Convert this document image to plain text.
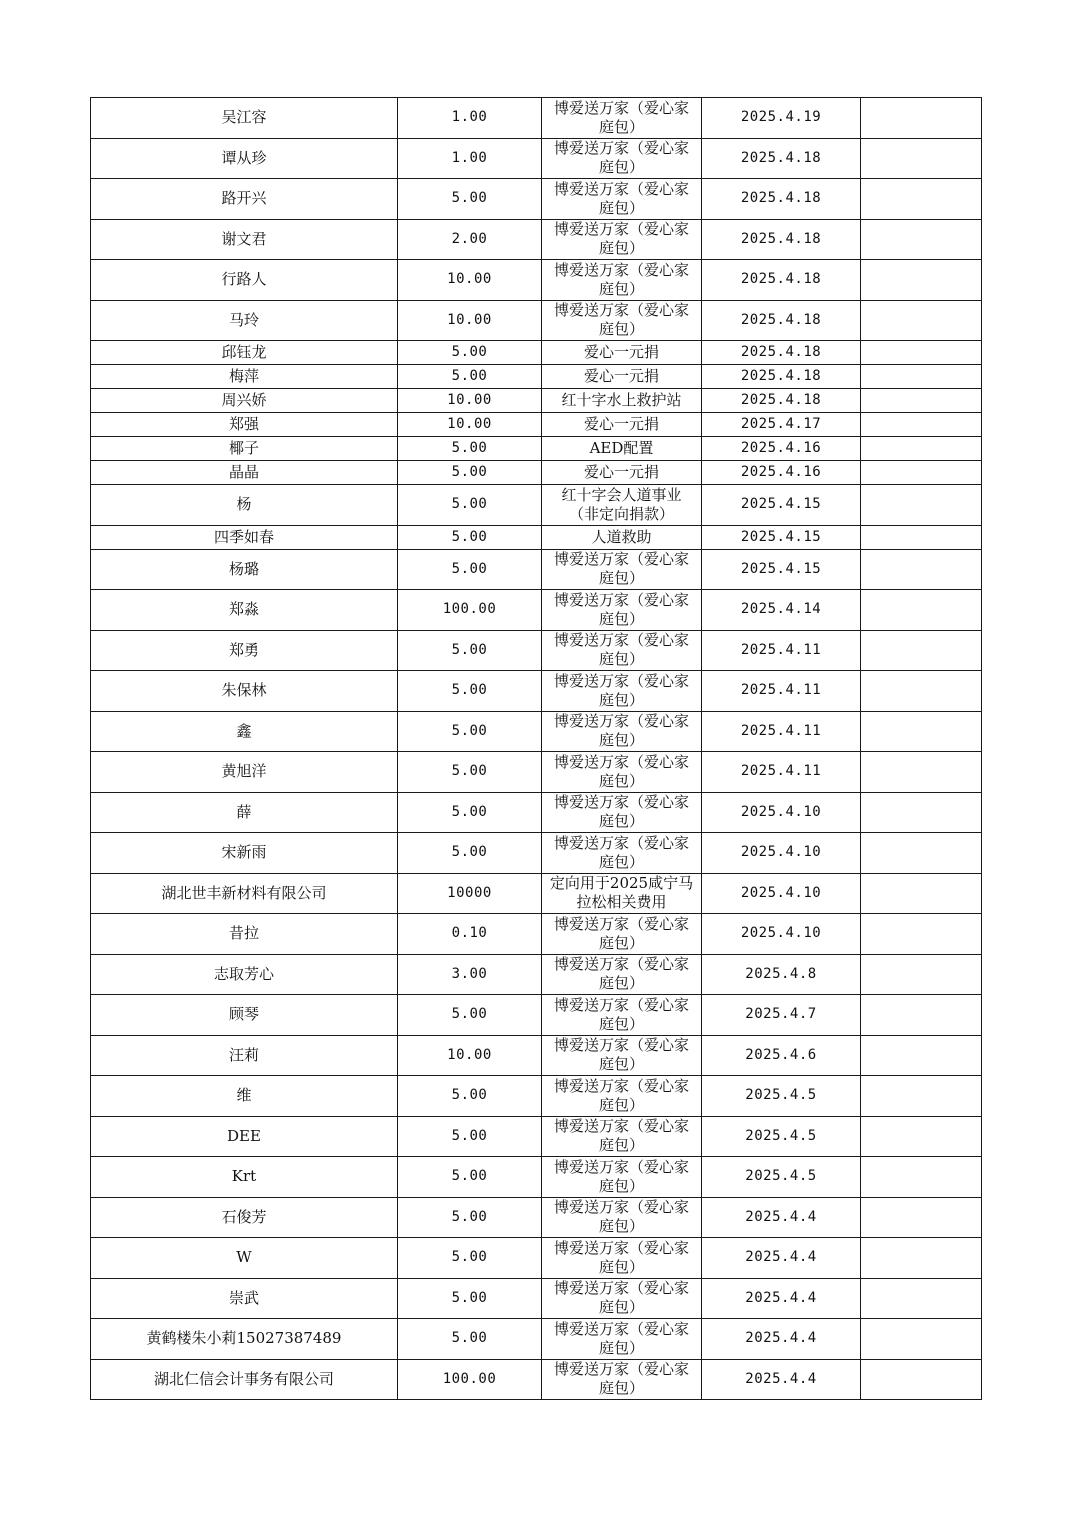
吴江容	1.00	博爱送万家（爱心家庭包）	2025.4.19	
谭从珍	1.00	博爱送万家（爱心家庭包）	2025.4.18	
路开兴	5.00	博爱送万家（爱心家庭包）	2025.4.18	
谢文君	2.00	博爱送万家（爱心家庭包）	2025.4.18	
行路人	10.00	博爱送万家（爱心家庭包）	2025.4.18	
马玲	10.00	博爱送万家（爱心家庭包）	2025.4.18	
邱钰龙	5.00	爱心一元捐	2025.4.18	
梅萍	5.00	爱心一元捐	2025.4.18	
周兴娇	10.00	红十字水上救护站	2025.4.18	
郑强	10.00	爱心一元捐	2025.4.17	
椰子	5.00	AED配置	2025.4.16	
晶晶	5.00	爱心一元捐	2025.4.16	
杨	5.00	红十字会人道事业（非定向捐款）	2025.4.15	
四季如春	5.00	人道救助	2025.4.15	
杨璐	5.00	博爱送万家（爱心家庭包）	2025.4.15	
郑淼	100.00	博爱送万家（爱心家庭包）	2025.4.14	
郑勇	5.00	博爱送万家（爱心家庭包）	2025.4.11	
朱保林	5.00	博爱送万家（爱心家庭包）	2025.4.11	
鑫	5.00	博爱送万家（爱心家庭包）	2025.4.11	
黄旭洋	5.00	博爱送万家（爱心家庭包）	2025.4.11	
薛	5.00	博爱送万家（爱心家庭包）	2025.4.10	
宋新雨	5.00	博爱送万家（爱心家庭包）	2025.4.10	
湖北世丰新材料有限公司	10000	定向用于2025咸宁马拉松相关费用	2025.4.10	
昔拉	0.10	博爱送万家（爱心家庭包）	2025.4.10	
志取芳心	3.00	博爱送万家（爱心家庭包）	2025.4.8	
顾琴	5.00	博爱送万家（爱心家庭包）	2025.4.7	
汪莉	10.00	博爱送万家（爱心家庭包）	2025.4.6	
维	5.00	博爱送万家（爱心家庭包）	2025.4.5	
DEE	5.00	博爱送万家（爱心家庭包）	2025.4.5	
Krt	5.00	博爱送万家（爱心家庭包）	2025.4.5	
石俊芳	5.00	博爱送万家（爱心家庭包）	2025.4.4	
W	5.00	博爱送万家（爱心家庭包）	2025.4.4	
崇武	5.00	博爱送万家（爱心家庭包）	2025.4.4	
黄鹤楼朱小莉15027387489	5.00	博爱送万家（爱心家庭包）	2025.4.4	
湖北仁信会计事务有限公司	100.00	博爱送万家（爱心家庭包）	2025.4.4	
